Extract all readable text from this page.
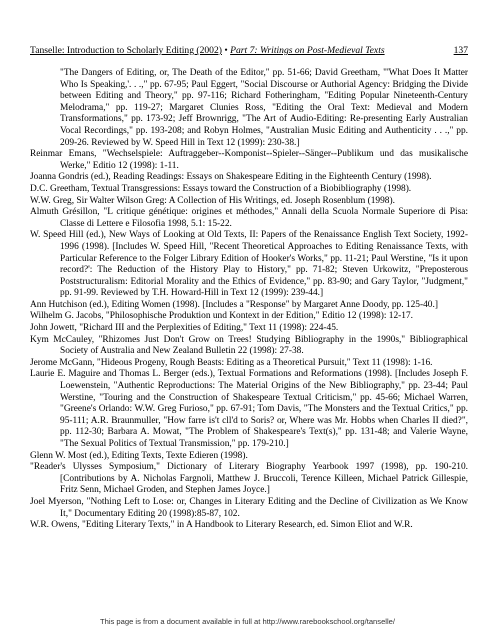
Tanselle: Introduction to Scholarly Editing (2002) • Part 7: Writings on Post-Medieval Texts	137

"The Dangers of Editing, or, The Death of the Editor," pp. 51-66; David Greetham, "'What Does It Matter Who Is Speaking,'. . .," pp. 67-95; Paul Eggert, "Social Discourse or Authorial Agency: Bridging the Divide between Editing and Theory," pp. 97-116; Richard Fotheringham, "Editing Popular Nineteenth-Century Melodrama," pp. 119-27; Margaret Clunies Ross, "Editing the Oral Text: Medieval and Modern Transformations," pp. 173-92; Jeff Brownrigg, "The Art of Audio-Editing: Re-presenting Early Australian Vocal Recordings," pp. 193-208; and Robyn Holmes, "Australian Music Editing and Authenticity . . .," pp. 209-26. Reviewed by W. Speed Hill in Text 12 (1999): 230-38.]

Reinmar Emans, "Wechselspiele: Auftraggeber--Komponist--Spieler--Sänger--Publikum und das musikalische Werke," Editio 12 (1998): 1-11.

Joanna Gondris (ed.), Reading Readings: Essays on Shakespeare Editing in the Eighteenth Century (1998).

D.C. Greetham, Textual Transgressions: Essays toward the Construction of a Biobibliography (1998).

W.W. Greg, Sir Walter Wilson Greg: A Collection of His Writings, ed. Joseph Rosenblum (1998).

Almuth Grésillon, "L critique génétique: origines et méthodes," Annali della Scuola Normale Superiore di Pisa: Classe di Lettere e Filosofia 1998, 5.1: 15-22.

W. Speed Hill (ed.), New Ways of Looking at Old Texts, II: Papers of the Renaissance English Text Society, 1992-1996 (1998). [Includes W. Speed Hill, "Recent Theoretical Approaches to Editing Renaissance Texts, with Particular Reference to the Folger Library Edition of Hooker's Works," pp. 11-21; Paul Werstine, "Is it upon record?': The Reduction of the History Play to History," pp. 71-82; Steven Urkowitz, "Preposterous Poststructuralism: Editorial Morality and the Ethics of Evidence," pp. 83-90; and Gary Taylor, "Judgment," pp. 91-99. Reviewed by T.H. Howard-Hill in Text 12 (1999): 239-44.]

Ann Hutchison (ed.), Editing Women (1998). [Includes a "Response" by Margaret Anne Doody, pp. 125-40.]

Wilhelm G. Jacobs, "Philosophische Produktion und Kontext in der Edition," Editio 12 (1998): 12-17.

John Jowett, "Richard III and the Perplexities of Editing," Text 11 (1998): 224-45.

Kym McCauley, "Rhizomes Just Don't Grow on Trees! Studying Bibliography in the 1990s," Bibliographical Society of Australia and New Zealand Bulletin 22 (1998): 27-38.

Jerome McGann, "Hideous Progeny, Rough Beasts: Editing as a Theoretical Pursuit," Text 11 (1998): 1-16.

Laurie E. Maguire and Thomas L. Berger (eds.), Textual Formations and Reformations (1998). [Includes Joseph F. Loewenstein, "Authentic Reproductions: The Material Origins of the New Bibliography," pp. 23-44; Paul Werstine, "Touring and the Construction of Shakespeare Textual Criticism," pp. 45-66; Michael Warren, "Greene's Orlando: W.W. Greg Furioso," pp. 67-91; Tom Davis, "The Monsters and the Textual Critics," pp. 95-111; A.R. Braunmuller, "How farre is't cll'd to Soris? or, Where was Mr. Hobbs when Charles II died?", pp. 112-30; Barbara A. Mowat, "The Problem of Shakespeare's Text(s)," pp. 131-48; and Valerie Wayne, "The Sexual Politics of Textual Transmission," pp. 179-210.]

Glenn W. Most (ed.), Editing Texts, Texte Edieren (1998).

"Reader's Ulysses Symposium," Dictionary of Literary Biography Yearbook 1997 (1998), pp. 190-210. [Contributions by A. Nicholas Fargnoli, Matthew J. Bruccoli, Terence Killeen, Michael Patrick Gillespie, Fritz Senn, Michael Groden, and Stephen James Joyce.]

Joel Myerson, "Nothing Left to Lose: or, Changes in Literary Editing and the Decline of Civilization as We Know It," Documentary Editing 20 (1998):85-87, 102.

W.R. Owens, "Editing Literary Texts," in A Handbook to Literary Research, ed. Simon Eliot and W.R.

This page is from a document available in full at http://www.rarebookschool.org/tanselle/
